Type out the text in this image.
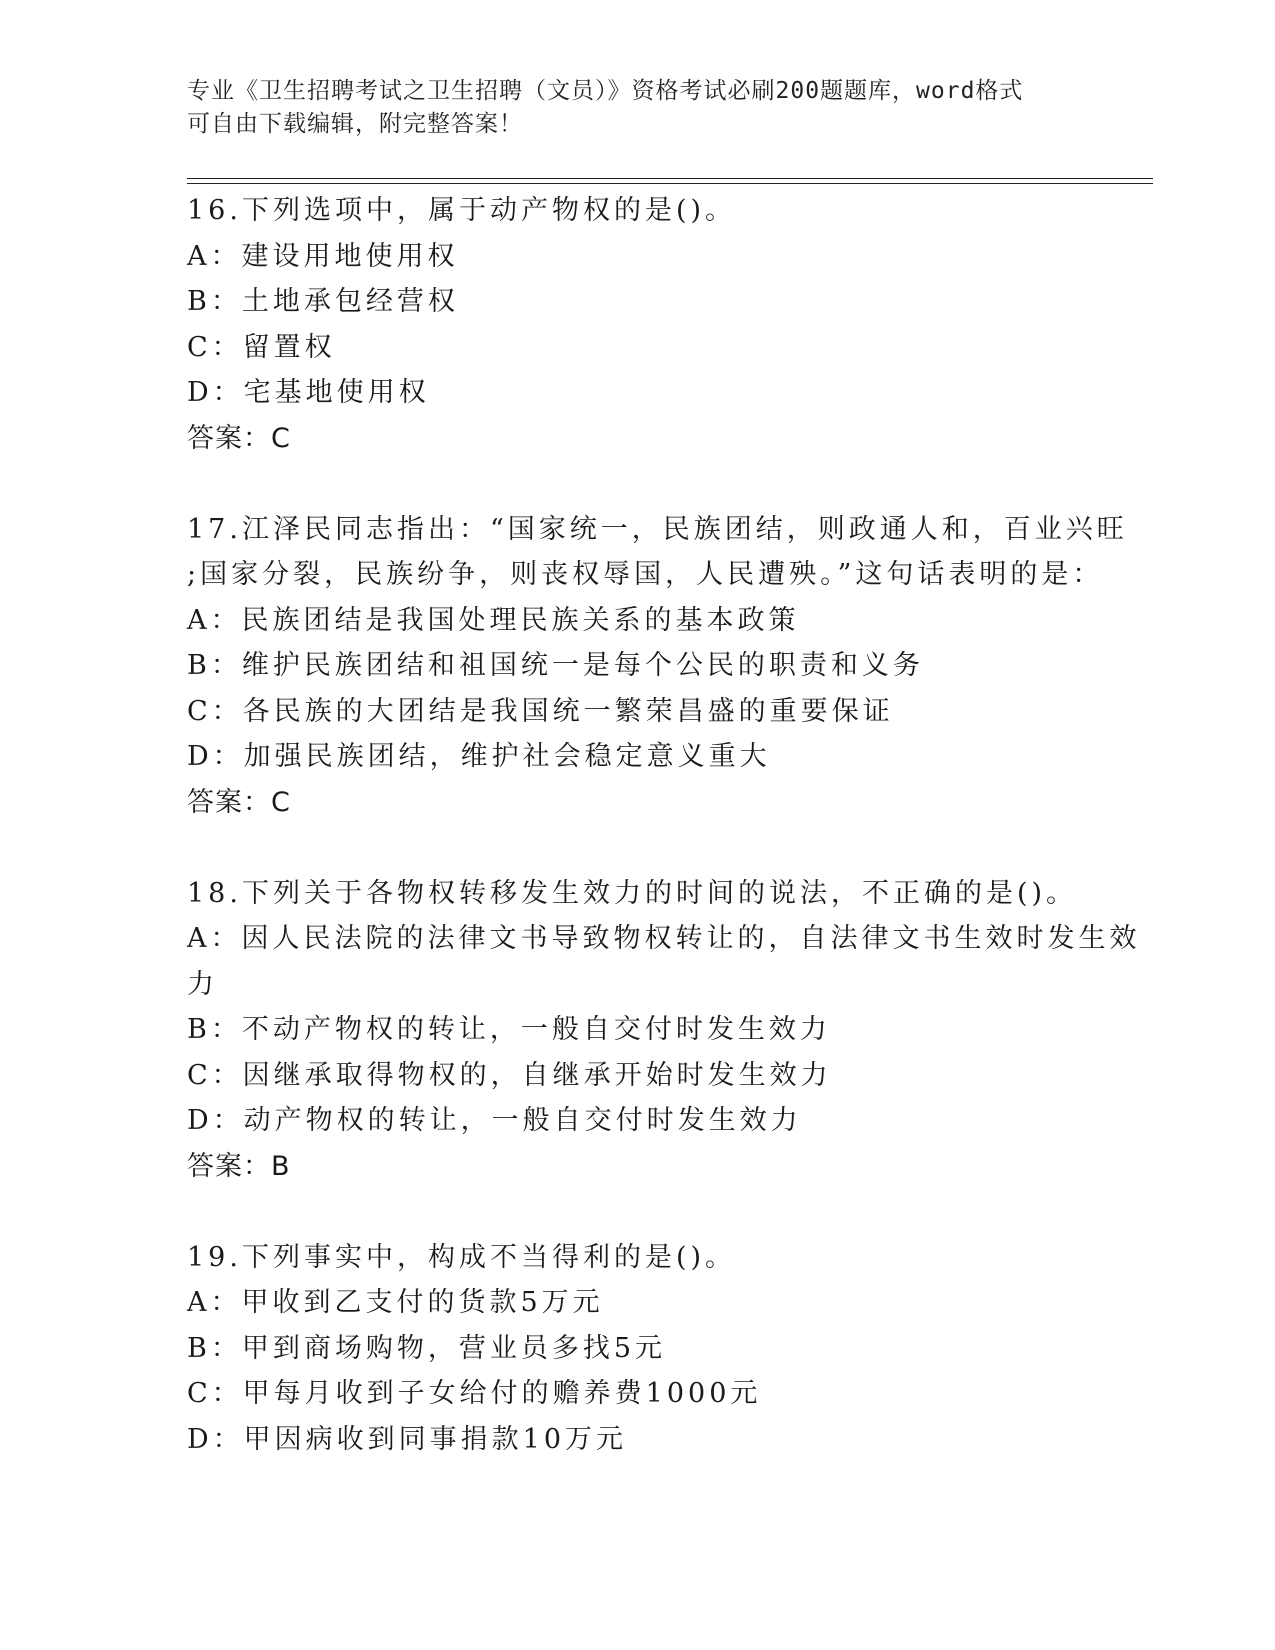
专业《卫生招聘考试之卫生招聘（文员）》资格考试必刷200题题库，word格式
可自由下载编辑，附完整答案！
16.下列选项中，属于动产物权的是()。
A：建设用地使用权
B：土地承包经营权
C：留置权
D：宅基地使用权
答案：C
17.江泽民同志指出：“国家统一，民族团结，则政通人和，百业兴旺
;国家分裂，民族纷争，则丧权辱国，人民遭殃。”这句话表明的是：
A：民族团结是我国处理民族关系的基本政策
B：维护民族团结和祖国统一是每个公民的职责和义务
C：各民族的大团结是我国统一繁荣昌盛的重要保证
D：加强民族团结，维护社会稳定意义重大
答案：C
18.下列关于各物权转移发生效力的时间的说法，不正确的是()。
A：因人民法院的法律文书导致物权转让的，自法律文书生效时发生效
力
B：不动产物权的转让，一般自交付时发生效力
C：因继承取得物权的，自继承开始时发生效力
D：动产物权的转让，一般自交付时发生效力
答案：B
19.下列事实中，构成不当得利的是()。
A：甲收到乙支付的货款5万元
B：甲到商场购物，营业员多找5元
C：甲每月收到子女给付的赡养费1000元
D：甲因病收到同事捐款10万元
